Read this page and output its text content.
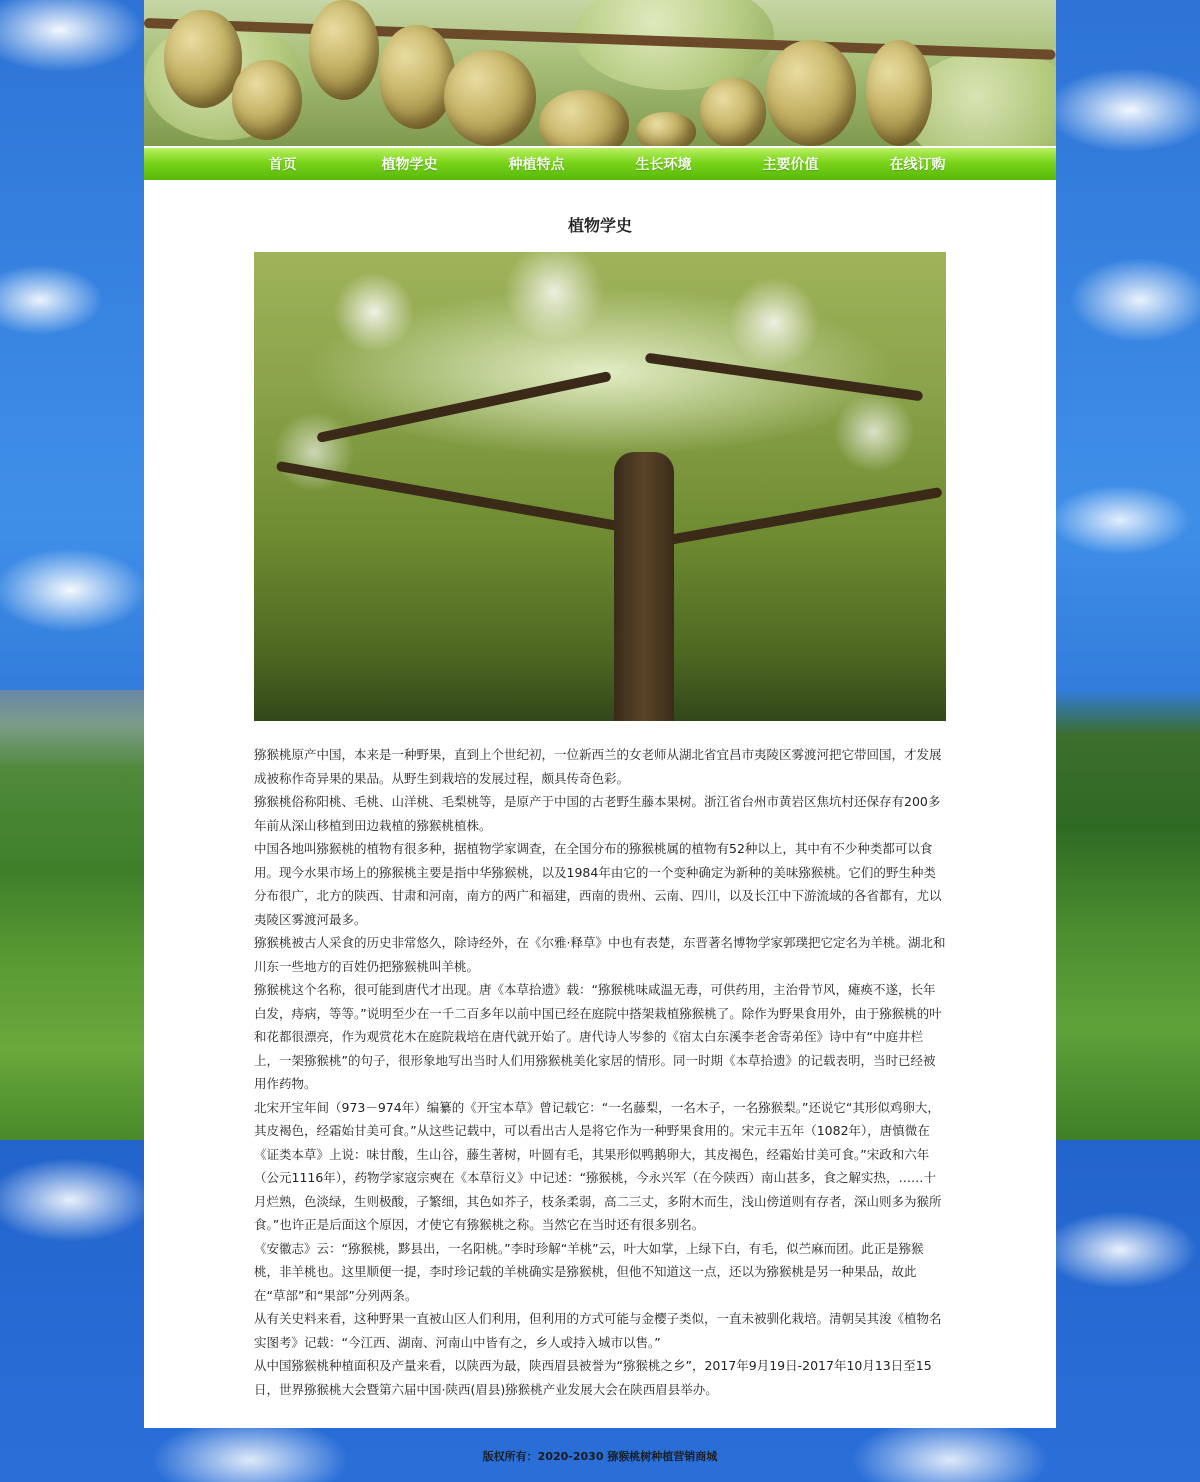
首页	植物学史	种植特点	生长环境	主要价值	在线订购
植物学史

猕猴桃原产中国，本来是一种野果，直到上个世纪初，一位新西兰的女老师从湖北省宜昌市夷陵区雾渡河把它带回国，才发展成被称作奇异果的果品。从野生到栽培的发展过程，颇具传奇色彩。

猕猴桃俗称阳桃、毛桃、山洋桃、毛梨桃等，是原产于中国的古老野生藤本果树。浙江省台州市黄岩区焦坑村还保存有200多年前从深山移植到田边栽植的猕猴桃植株。

中国各地叫猕猴桃的植物有很多种，据植物学家调查，在全国分布的猕猴桃属的植物有52种以上，其中有不少种类都可以食用。现今水果市场上的猕猴桃主要是指中华猕猴桃，以及1984年由它的一个变种确定为新种的美味猕猴桃。它们的野生种类分布很广，北方的陕西、甘肃和河南，南方的两广和福建，西南的贵州、云南、四川，以及长江中下游流域的各省都有，尤以夷陵区雾渡河最多。

猕猴桃被古人采食的历史非常悠久，除诗经外，在《尔雅·释草》中也有表楚，东晋著名博物学家郭璞把它定名为羊桃。湖北和川东一些地方的百姓仍把猕猴桃叫羊桃。

猕猴桃这个名称，很可能到唐代才出现。唐《本草拾遗》载：“猕猴桃味咸温无毒，可供药用，主治骨节风，瘫痪不遂，长年白发，痔病，等等。”说明至少在一千二百多年以前中国已经在庭院中搭架栽植猕猴桃了。除作为野果食用外，由于猕猴桃的叶和花都很漂亮，作为观赏花木在庭院栽培在唐代就开始了。唐代诗人岑参的《宿太白东溪李老舍寄弟侄》诗中有“中庭井栏上，一架猕猴桃”的句子，很形象地写出当时人们用猕猴桃美化家居的情形。同一时期《本草拾遗》的记载表明，当时已经被用作药物。

北宋开宝年间（973－974年）编纂的《开宝本草》曾记载它：“一名藤梨，一名木子，一名猕猴梨。”还说它“其形似鸡卵大，其皮褐色，经霜始甘美可食。”从这些记载中，可以看出古人是将它作为一种野果食用的。宋元丰五年（1082年），唐慎微在《证类本草》上说：味甘酸，生山谷，藤生著树，叶圆有毛，其果形似鸭鹅卵大，其皮褐色，经霜始甘美可食。”宋政和六年（公元1116年），药物学家寇宗奭在《本草衍义》中记述：“猕猴桃，今永兴军（在今陕西）南山甚多，食之解实热，……十月烂熟，色淡绿，生则极酸，子繁细，其色如芥子，枝条柔弱，高二三丈，多附木而生，浅山傍道则有存者，深山则多为猴所食。”也许正是后面这个原因，才使它有猕猴桃之称。当然它在当时还有很多别名。

《安徽志》云：“猕猴桃，黟县出，一名阳桃。”李时珍解“羊桃”云，叶大如掌，上绿下白，有毛，似苎麻而团。此正是猕猴桃，非羊桃也。这里顺便一提，李时珍记载的羊桃确实是猕猴桃，但他不知道这一点，还以为猕猴桃是另一种果品，故此在“草部”和“果部”分列两条。

从有关史料来看，这种野果一直被山区人们利用，但利用的方式可能与金樱子类似，一直未被驯化栽培。清朝吴其浚《植物名实图考》记载：“今江西、湖南、河南山中皆有之，乡人或持入城市以售。”

从中国猕猴桃种植面积及产量来看，以陕西为最，陕西眉县被誉为“猕猴桃之乡”，2017年9月19日-2017年10月13日至15日，世界猕猴桃大会暨第六届中国·陕西(眉县)猕猴桃产业发展大会在陕西眉县举办。

版权所有：2020-2030 猕猴桃树种植营销商城
